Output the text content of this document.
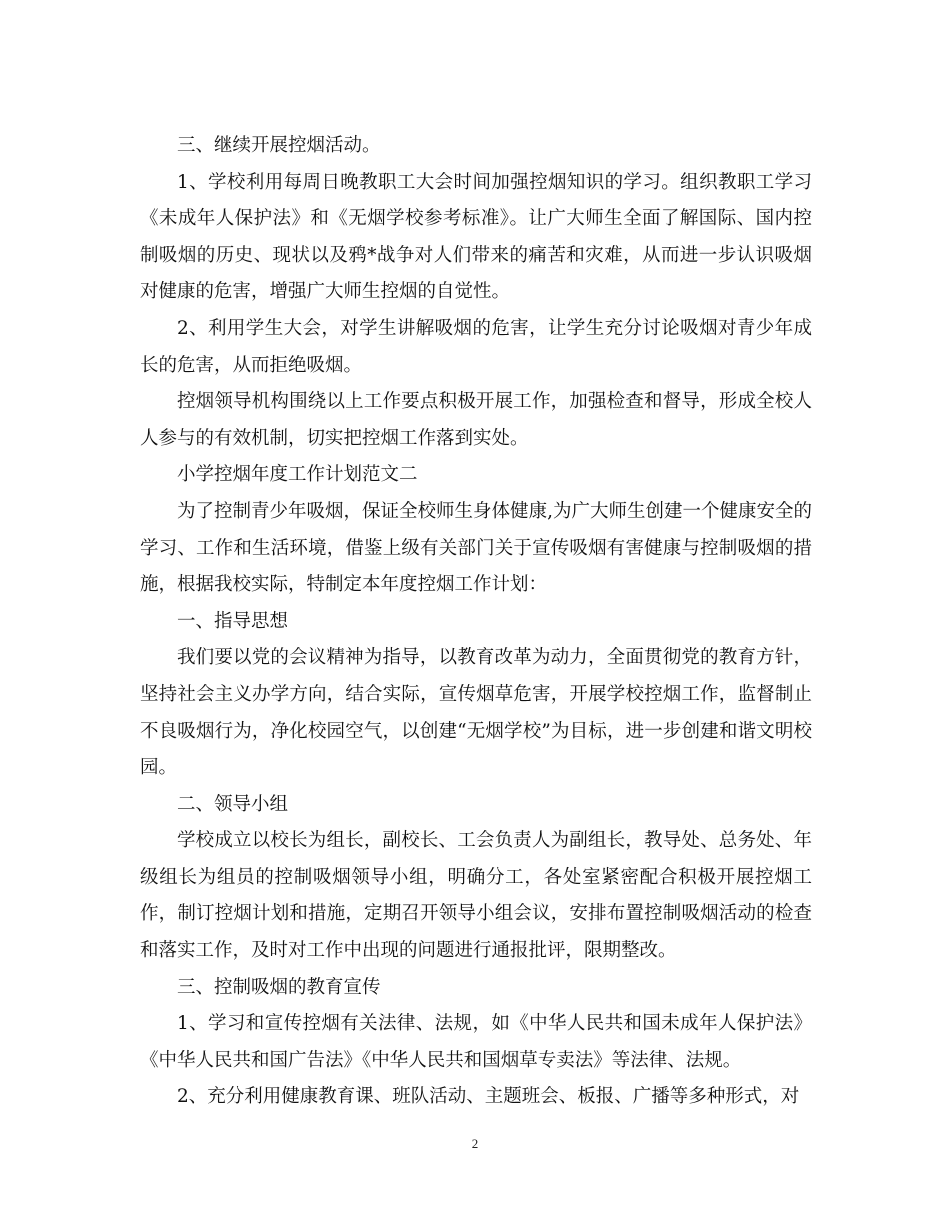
三、继续开展控烟活动。

1、学校利用每周日晚教职工大会时间加强控烟知识的学习。组织教职工学习《未成年人保护法》和《无烟学校参考标准》。让广大师生全面了解国际、国内控制吸烟的历史、现状以及鸦*战争对人们带来的痛苦和灾难，从而进一步认识吸烟对健康的危害，增强广大师生控烟的自觉性。

2、利用学生大会，对学生讲解吸烟的危害，让学生充分讨论吸烟对青少年成长的危害，从而拒绝吸烟。

控烟领导机构围绕以上工作要点积极开展工作，加强检查和督导，形成全校人人参与的有效机制，切实把控烟工作落到实处。

小学控烟年度工作计划范文二

为了控制青少年吸烟，保证全校师生身体健康,为广大师生创建一个健康安全的学习、工作和生活环境，借鉴上级有关部门关于宣传吸烟有害健康与控制吸烟的措施，根据我校实际，特制定本年度控烟工作计划：

一、指导思想

我们要以党的会议精神为指导，以教育改革为动力，全面贯彻党的教育方针，坚持社会主义办学方向，结合实际，宣传烟草危害，开展学校控烟工作，监督制止不良吸烟行为，净化校园空气，以创建“无烟学校”为目标，进一步创建和谐文明校园。

二、领导小组

学校成立以校长为组长，副校长、工会负责人为副组长，教导处、总务处、年级组长为组员的控制吸烟领导小组，明确分工，各处室紧密配合积极开展控烟工作，制订控烟计划和措施，定期召开领导小组会议，安排布置控制吸烟活动的检查和落实工作，及时对工作中出现的问题进行通报批评，限期整改。

三、控制吸烟的教育宣传

1、学习和宣传控烟有关法律、法规，如《中华人民共和国未成年人保护法》《中华人民共和国广告法》《中华人民共和国烟草专卖法》等法律、法规。

2、充分利用健康教育课、班队活动、主题班会、板报、广播等多种形式，对

2
